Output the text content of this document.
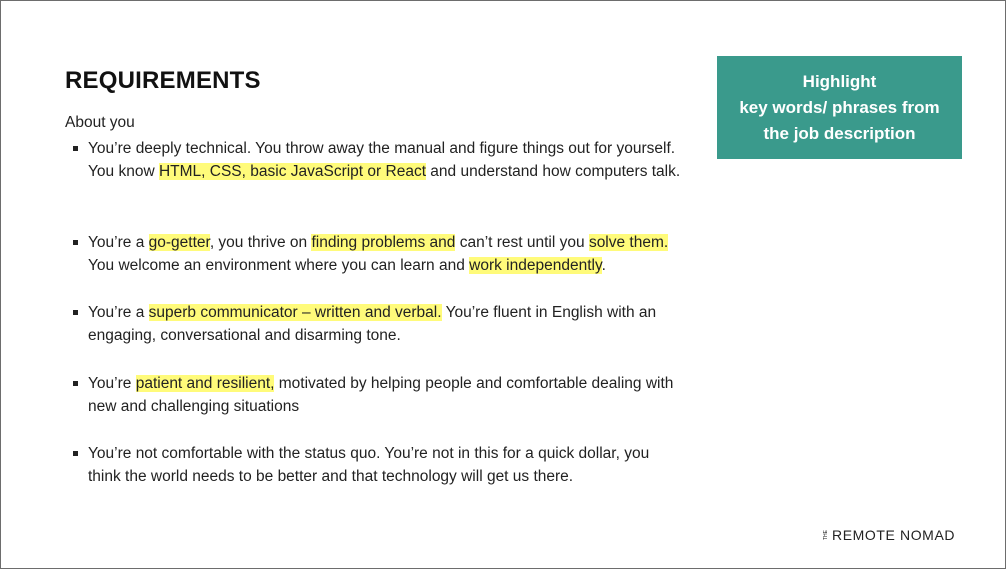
REQUIREMENTS
About you
You’re deeply technical. You throw away the manual and figure things out for yourself. You know HTML, CSS, basic JavaScript or React and understand how computers talk.
You’re a go-getter, you thrive on finding problems and can’t rest until you solve them. You welcome an environment where you can learn and work independently.
You’re a superb communicator – written and verbal. You’re fluent in English with an engaging, conversational and disarming tone.
You’re patient and resilient, motivated by helping people and comfortable dealing with new and challenging situations
You’re not comfortable with the status quo. You’re not in this for a quick dollar, you think the world needs to be better and that technology will get us there.
Highlight
key words/ phrases from
the job description
THE REMOTE NOMAD
